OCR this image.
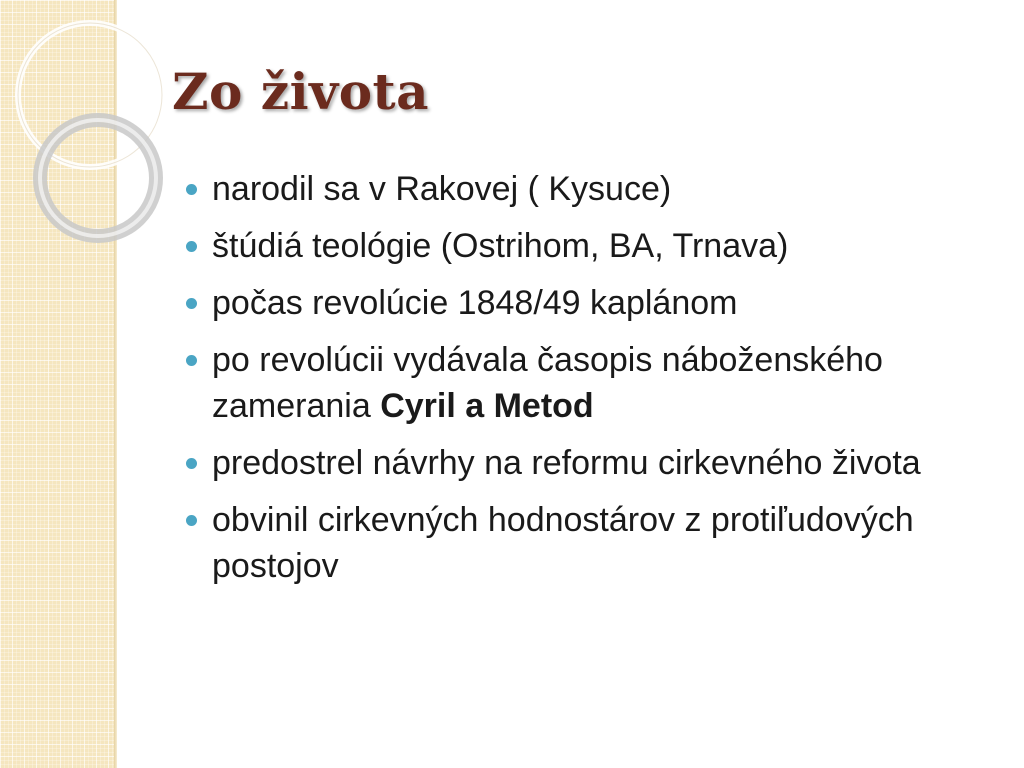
Zo života
narodil sa v Rakovej ( Kysuce)
štúdiá teológie (Ostrihom, BA, Trnava)
počas revolúcie 1848/49 kaplánom
po revolúcii vydávala časopis náboženského zamerania Cyril a Metod
predostrel návrhy na reformu cirkevného života
obvinil cirkevných hodnostárov z protiľudových postojov
